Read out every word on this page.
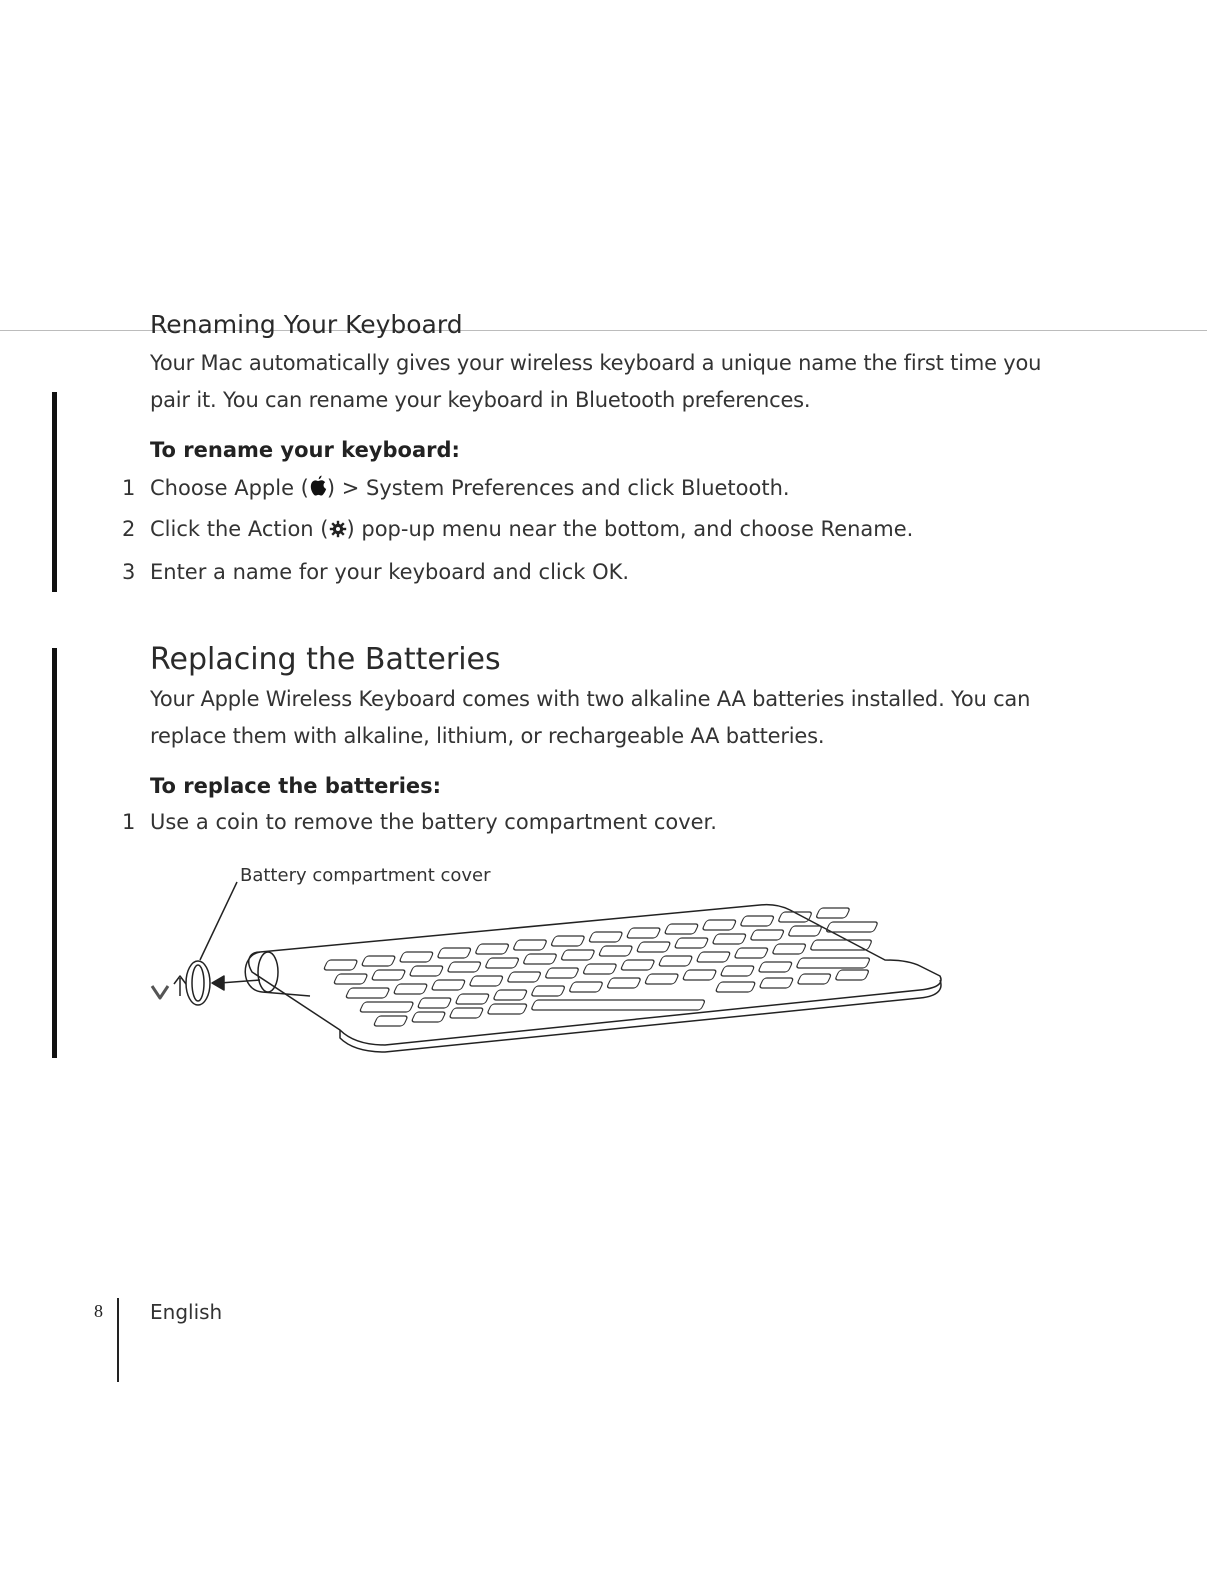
Renaming Your Keyboard
Your Mac automatically gives your wireless keyboard a unique name the first time you
pair it. You can rename your keyboard in Bluetooth preferences.
To rename your keyboard:
1 Choose Apple ( ) > System Preferences and click Bluetooth.
2 Click the Action ( ) pop-up menu near the bottom, and choose Rename.
3 Enter a name for your keyboard and click OK.
Replacing the Batteries
Your Apple Wireless Keyboard comes with two alkaline AA batteries installed. You can
replace them with alkaline, lithium, or rechargeable AA batteries.
To replace the batteries:
1 Use a coin to remove the battery compartment cover.
Battery compartment cover
8 English
